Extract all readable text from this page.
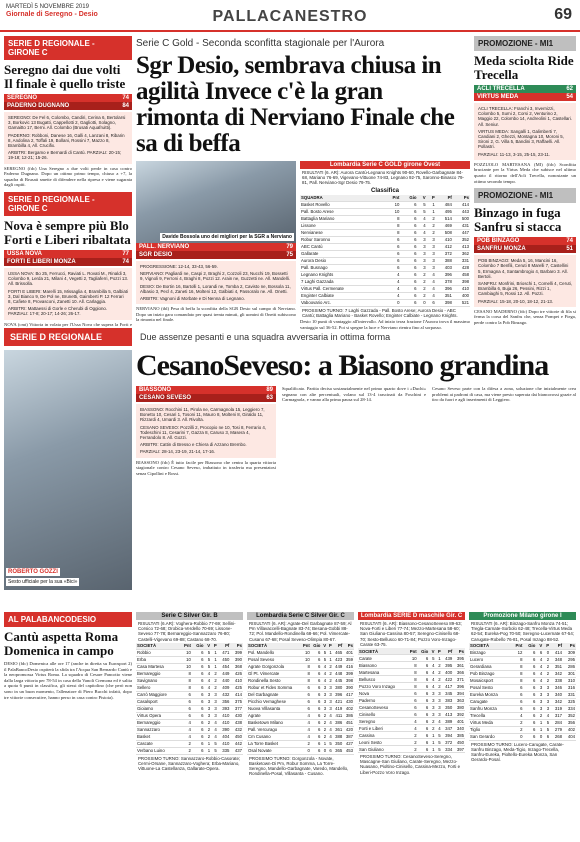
MARTEDÌ 5 NOVEMBRE 2019
Giornale di Seregno - Desio	PALLACANESTRO	69
SERIE D REGIONALE - GIRONE C
Seregno dai due volti Il finale è quello triste
SEREGNO	74
PADERNO DUGNANO	84

SEREGNO: De Fel 6, Colombo, Candiri, Cerina 6, Bertolarsi 3, Borkovic 13 Bugatti, Cappellotti 2, Gagliotti, Solagno, Gamaitto 17, Berni. All. Colombo (Brusati Aquafruitti).

PADERNO: Robboni, Danese 16, Galli 4, Lanzani 8, Ribarin 8, Andolina 2, Toffali 19, Bollani, Rossini 7, Mazzo 8, Brambilla 4, All. Crucifix.

ARBITRI: Bergamo e Bernardi di Cantù. PARZIALI: 20-15; 19-18; 12-21; 15-26.

SEREGNO (fdc) Una Seregno a due volti perde in casa contro Paderno Dugnano. Dopo un ottimo primo tempo, chiuso a +7, la squadra di Brusati smette di difendere nella ripresa e viene sugarata dagli ospiti.

SERIE D REGIONALE - GIRONE C
Nova è sempre più Blo Forti e Liberi ribaltata
USSA NOVA	77
FORTI E LIBERI MONZA	74

USSA NOVA: Bo 25, Ferrucci, Raviati L. Rovati M., Rinaldi 3, Colombo 9, Lerda 21, Milani 4, Vegetti 2, Tagliaferri, Pozzi 13. All. Brissolla.

FORTI E LIBERI: Marelli 15, Missaglia 4, Brambilla 5, Galbiati 3, Dal Bianco 9, De Pol ne, Brunetti, Gaimberti P. 12 Ferrari 8, Cafiete 8, Provasconi, Zanetti 10. All. Carlaggia.

ARBITRI: Mattaessi di Gorle e Cherubi di Oggiono. PARZIALI: 17-8; 20-17; 14-26; 26-17.

NOVA (cmt) Vittoria in volata per l'Ussa Nova che supera la Forti e

Serie C Gold - Seconda sconfitta stagionale per l'Aurora
Sgr Desio, sembrava chiusa in agilità Invece c'è la gran rimonta di Nerviano Finale che sa di beffa
Davide Bossola uno dei migliori per la SGR a Nerviano
PALL. NERVIANO	79
SGR DESIO	75

PROGRESSIONE: 12-14, 33-43, 56-59.

NERVIANO: Pagliardi ne, Caspi 2, Braghi 2, Cozzoli 23, Nucchi 19, Bossetti 9, Vignoli 9, Ferroni 4, Braghi 8, Pozzi 12. Arain ne, Guzzetti ne. All. Mandelli.

DESIO: De Bortin 16, Bartolli 1, Lorandi ne, Tomba 2, Cavisto ne, Bossola 11, Albasio 3, Pecl 4, Zaneti 16, Molteni 12, Galbiati 4, Passoralo ne. All. Onetti.

ARBITRI: Vagnoni di Morbate e Di Nenna di Legnano.

NERVIANO (tbl) Pesa di beffa la sconfitta della SGR Desio sul campo di Nerviano. Dopo un inizio gara comandato per quasi trenta minuti, gli uomini di Onetti subiscono la rimonta nel finale.

Lombardia Serie C GOLD girone Ovest

RISULTATI (6. AR): Aurora Cantù-Legnano Knights 90-60, Rovello-Garbagnate 84-68, Mariano 76-69, Vigevano-Vittuone 74-83, Legnano 92-75, Saronno-Binasco 79-81, Pall. Nerviano-Sgr Desio 79-75.

Classifica
SQUADRA	Pnt	Gio	V	P	Pf	Ps
Basket Rovello	10	6	5	1	484	414
Pall. Bosto Arese	10	6	5	1	495	443
Battaglia Mariano	8	6	4	2	514	500
Lissone	8	6	4	2	469	431
Nervianese	8	6	4	2	508	447
Robur Saronno	6	6	3	3	410	352
ABC Cantù	6	6	3	3	412	413
Gallarate	6	6	3	3	372	362
Aurora Desio	6	6	3	3	388	331
Pall. Busnago	6	6	3	3	403	428
Legnano Knights	4	6	2	4	396	458
7 Laghi Gazzada	4	6	2	4	378	398
Virtus Pall. Cermenate	4	6	2	4	396	410
Enginter Calbiate	4	6	2	4	351	400
Vaboovario Arc.	0	6	0	6	398	521

PROSSIMO TURNO: 7 Laghi Gazzada - Pall. Bosto Arese; Aurora Desio - ABC Cantù; Battaglia Mariano - Basket Rovello; Enginter Calbiate - Legnano Knights.

Desio 10 punti di vantaggio all'intervallo. Ad inizio terza frazione l'Aurora trova il massimo vantaggio sul 36-52. Poi si spegne la luce e Nerviano rientra fino al sorpasso.

PROMOZIONE - MI1
Meda scioltа Ride Trecella
ACLI TRECELLA	62
VIRTUS MEDA	54

ACLI TRECELLA: Franchi 3, Invernizzi, Colombo 5, Sumi 2, Corsi 2, Venturino 2, Maggio 22, Colombo 14, Andreolini 1, Castellari. All. Seniur.

VIRTUS MEDA: Sangalli 1, Galimberti 7, Candiani 2, Ghezzi, Montagna 10, Moroni 5, Sironi 2, G. Villa 5, Bandini 3, Raffaelli. All. Pollastri.

PARZIALI: 11-13, 3-15, 25-15, 23-11.

POZZUOLO MARTESANA (MI) (fdc) Sconfitta bruciante per la Virtus Meda che subisce nel ultimo quarto il ritorno dell'Acli Trecella, nonostante un ottimo secondo tempo.

PROMOZIONE - MI1
Binzago in fuga Sanfru si stacca
POB BINZAGO	74
SANFRU MONZA	51

POB BINZAGO: Meda 5, 16, Mancini 16, Colombo 7 Benfili, Ceruti 8 Marelli 7, Castellini 5, Ermagna 4, Santambrogio 4, Barbaro 3. All. Bertoli.

SANFRU: Monfrini, Brioschi 1, Comelli 4, Ceruti, Brambilla 6, Buja 26, Pessini, Rizzi 1, Cambiaghi 5, Rossi 12. All. Pozzi.

PARZIALI: 15-18, 20-10, 18-12, 21-13.

CESANO MADERNO (fdc) Dopo tre vittorie di fila si ferma la corsa del Sanfru che, senza Pompei e Fiega, perde contro la Pob Binzago.

SERIE D REGIONALE	Due assenze pesanti e una squadra avversaria in ottima forma
ROBERTO GOZZI
Sesto ufficiale per la sua «Bici»
CesanoSeveso: a Biasono grandina
BIASSONO	89
CESANO SEVESO	63

BIASSONO: Rocchini 11, Pirola ne, Carmagnola 15, Leggiero 7, Bonetto 10, Cesari 1, Tosoni 11, Mauro 8, Molteni 8, Giraldo 11, Rizzardi 4, Umardi 3. All. Rivolta.

CESANO SEVESO: Pozzilli 2, Procopio ne 10, Tosi 8, Ferrario 4, Todeschini 11, Cesarini 7, Gazza 8, Caruso 3, Masera 4, Ferrandolo 8. All. Gozzi.

ARBITRI: Cattin di Bresso e Chiera di Azzano Brembo.

PARZIALI: 28-14, 23-19, 21-14, 17-16.

BIASSONO (fdc) È tutto facile per Biassono che centra la quarta vittoria stagionale contro Cesano Seveso, imbattuto in trasferta ma presentatosi senza Cipollini e Rossi.

Squalificato. Partita decisa sostanzialmente nel primo quarto dove i «Duchi» segnano con alte percentuali, volano sul 13-4 trascinati da Foschini e Carmagnola, e vanno alla prima pausa sul 28-14.

Cesano Seveso parte con la difesa a zona, soluzione che inizialmente crea problemi ai padroni di casa, ma viene presto superata dai biancorossi grazie al tiro da fuori e agli inserimenti di Leggiero.

AL PALABANCODESIO
Cantù aspetta Roma Domenica in campo

DESIO (fdc) Domenica alle ore 17 (anche in diretta su Eurosport 2) il PalaBancoDesio ospiterà la sfida tra l'Acqua San Bernardo Cantù e la neopromossa Virtus Roma. La squadra di Cesare Pancotto viene dalla larga vittoria per 78-54 in casa della Vanoli Cremona ed è salita a quota 6 punti in classifica, gli stessi del capitolino (che però non sono in un buon momento, l'allenatore di Piero Bucchi infatti, dopo tre vittorie consecutive, hanno perso in casa contro Pistoia).

Serie C Silver Gir. B

RISULTATI (6.AR): Voghera-Robbio 77-69; Sellini-Corsico 72-68; Orobica-Verdello 70-69; Lissone-Seveso 77-78; Bernareggio-Sannazzaro 76-80; Castelli-Vigevano 69-88; Castano 68-70.

SOCIETÀ	Pnt	Gio	V	P	Pf	Ps
Robbio	10	6	5	1	471	399
Erba	10	6	5	1	450	390
Casa Martesa	10	6	5	1	454	368
Bernareggio	8	6	4	2	449	426
Savignano	8	6	4	2	440	410
Sellero	8	6	4	2	409	425
Carrò Maggiore	6	6	3	3	432	414
Casalsport	6	6	3	3	356	375
Gioiamo	6	6	3	3	393	377
Virtus Opera	6	6	3	3	410	430
Bernareggio	4	6	2	4	410	438
Sannazzaro	4	6	2	4	390	432
Basket	4	6	2	4	404	450
Cascate	2	6	1	5	410	442
Verbano Luino	2	6	1	5	335	437

PROSSIMO TURNO: Sannazzaro-Robbio-Casorate; Cermi-Orsane, Sannazzaro-Voghera; Erba-Mariano, Vittuone-La Castellanza, Gallarate-Opera.

Lombardia Serie C Silver Gir. C

RISULTATI (6. AR): Agrate-Del Garbagnate 87-59; Al Pm Villavaccelli-Bagnate 83-74; Besana-Gobbi 88-72; Pol. Mandello-Rondinella 68-66; Pol. Vimercate-Cusano 67-68; Posal Seveso-Olimpia 80-67.

SOCIETÀ	Pnt	Gio	V	P	Pf	Ps
Pol. Mandello	10	6	5	1	465	401
Posal Seveso	10	6	5	1	423	359
Agrate Gorgonzola	8	6	4	2	449	416
Gl Pt. Vimercate	8	6	4	2	448	399
Rondinella Sesto	8	6	4	2	445	398
Robur et Fides Somma	6	6	3	3	380	390
Del Garbagnate	6	6	3	3	396	417
Picchio Vernaghese	6	6	3	3	421	430
Nuova Villasanta	6	6	3	3	419	402
Agrate	4	6	2	4	411	386
Basketown Milano	4	6	2	4	386	451
Pall. Vercurago	4	6	2	4	361	420
Cm Cusano	4	6	2	4	388	387
La Torre Basket	2	6	1	5	350	427
Osal Novate	0	6	0	6	365	453

PROSSIMO TURNO: Gorgonzola - Novate, Basketown-Di Pm, Robur Somma, La Torre-Seregno, Mandello-Garbagnate, Varedo, Mandello, Rondinella-Posal, Villasanta - Cusano.

Lombardia SERIE D maschile Gir. C

RISULTATI (6. AR): Biassono-CesanoSeveso 89-63; Nova-Forti e Liberi 77-74; Mezzo-Martesana 58-60; San Giuliano-Cassina 80-57; Seregno-Cinisello 68-70; Sesto-Bellusco 60-71-84; Pozzo Voro-Inzago-Carate 63-75.

SOCIETÀ	Pnt	Gio	V	P	Pf	Ps
Carate	10	6	5	1	439	395
Biassono	8	6	4	2	395	361
Martesana	8	6	4	2	400	366
Bellusco	8	6	4	2	422	371
Pozzo Voro Inzago	8	6	4	2	417	396
Nova	6	6	3	3	345	394
Paderno	6	6	3	3	383	363
CesanoSeveso	6	6	3	3	350	380
Cinisello	6	6	3	3	413	392
Seregno	4	6	2	4	389	401
Forti e Liberi	4	6	2	4	347	340
Cassina	2	6	1	5	394	385
Leoni Sesto	2	6	1	5	372	450
San Giuliano	2	6	1	5	334	397

PROSSIMO TURNO: CesanoSeveso-Seregno, Mascagne-San Giuliano, Carate-Seregno, Mezzo-Nuasano, Pioltino-Cinisello, Cassina-Mezzo, Forti e Liberi-Pozzo Voro Inzago.

Promozione Milano girone I

RISULTATI (6. AR): Binzago-Sanfru Monza 74-51; Tregla-Carnate-Sorbolo 62-48; Trecella-Virtus Meda 62-54; Eureka-Pog 70-50; Seregno-Lucernate 67-54; Carugate-Robello 76-81, Posal Inzago 88-52.

SOCIETÀ	Pnt	Gio	V	P	Pf	Ps
Binzago	12	6	6	0	414	309
Lucero	8	6	4	2	348	295
Gerardiana	8	6	4	2	351	286
Pob Binzago	8	6	4	2	342	301
Mosaicsport	8	6	4	2	338	310
Posal Sesto	6	6	3	3	346	316
Eureka Monza	6	6	3	3	340	331
Carugate	6	6	3	3	342	325
Sanfru Monza	6	6	3	3	319	334
Trecella	4	6	2	4	317	352
Virtus Meda	2	6	1	5	284	356
Tiglio	2	6	1	5	279	402
San Gerardo	0	6	0	6	268	404

PROSSIMO TURNO: Lucero-Carugate, Carate-Sanfru Binzago, Meda-Tigio, Inzago-Trecella, Sanfru-Eureka, Pioltello-Eureka Monza, San Gerardo-Posal.
